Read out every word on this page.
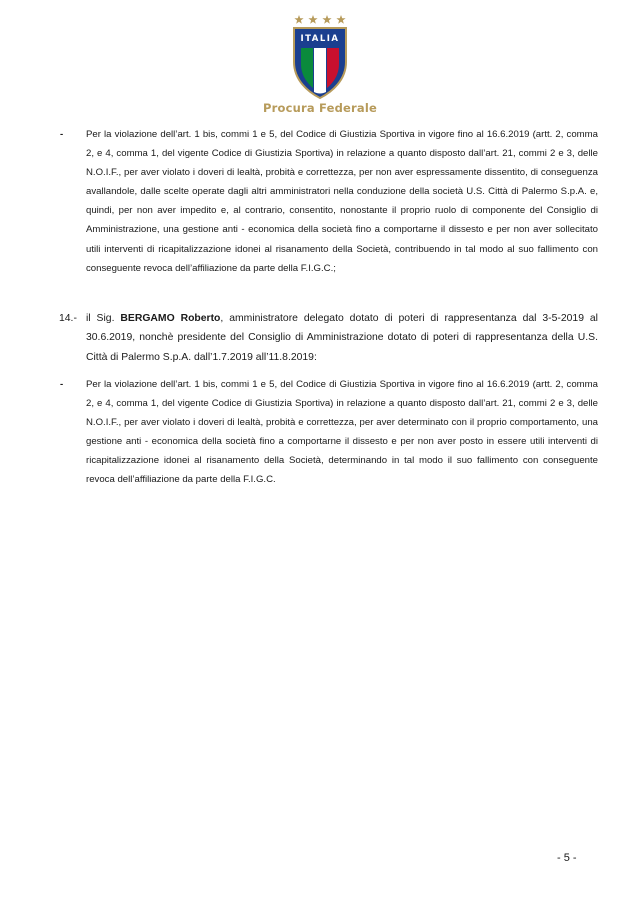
ITALIA
Procura Federale
- Per la violazione dell’art. 1 bis, commi 1 e 5, del Codice di Giustizia Sportiva in vigore fino al 16.6.2019 (artt. 2, comma 2, e 4, comma 1, del vigente Codice di Giustizia Sportiva) in relazione a quanto disposto dall’art. 21, commi 2 e 3, delle N.O.I.F., per aver violato i doveri di lealtà, probità e correttezza, per non aver espressamente dissentito, di conseguenza avallandole, dalle scelte operate dagli altri amministratori nella conduzione della società U.S. Città di Palermo S.p.A. e, quindi, per non aver impedito e, al contrario, consentito, nonostante il proprio ruolo di componente del Consiglio di Amministrazione, una gestione anti - economica della società fino a comportarne il dissesto e per non aver sollecitato utili interventi di ricapitalizzazione idonei al risanamento della Società, contribuendo in tal modo al suo fallimento con conseguente revoca dell’affiliazione da parte della F.I.G.C.;
14.- il Sig. BERGAMO Roberto, amministratore delegato dotato di poteri di rappresentanza dal 3-5-2019 al 30.6.2019, nonchè presidente del Consiglio di Amministrazione dotato di poteri di rappresentanza della U.S. Città di Palermo S.p.A. dall’1.7.2019 all’11.8.2019:
- Per la violazione dell’art. 1 bis, commi 1 e 5, del Codice di Giustizia Sportiva in vigore fino al 16.6.2019 (artt. 2, comma 2, e 4, comma 1, del vigente Codice di Giustizia Sportiva) in relazione a quanto disposto dall’art. 21, commi 2 e 3, delle N.O.I.F., per aver violato i doveri di lealtà, probità e correttezza, per aver determinato con il proprio comportamento, una gestione anti - economica della società fino a comportarne il dissesto e per non aver posto in essere utili interventi di ricapitalizzazione idonei al risanamento della Società, determinando in tal modo il suo fallimento con conseguente revoca dell’affiliazione da parte della F.I.G.C.
- 5 -
